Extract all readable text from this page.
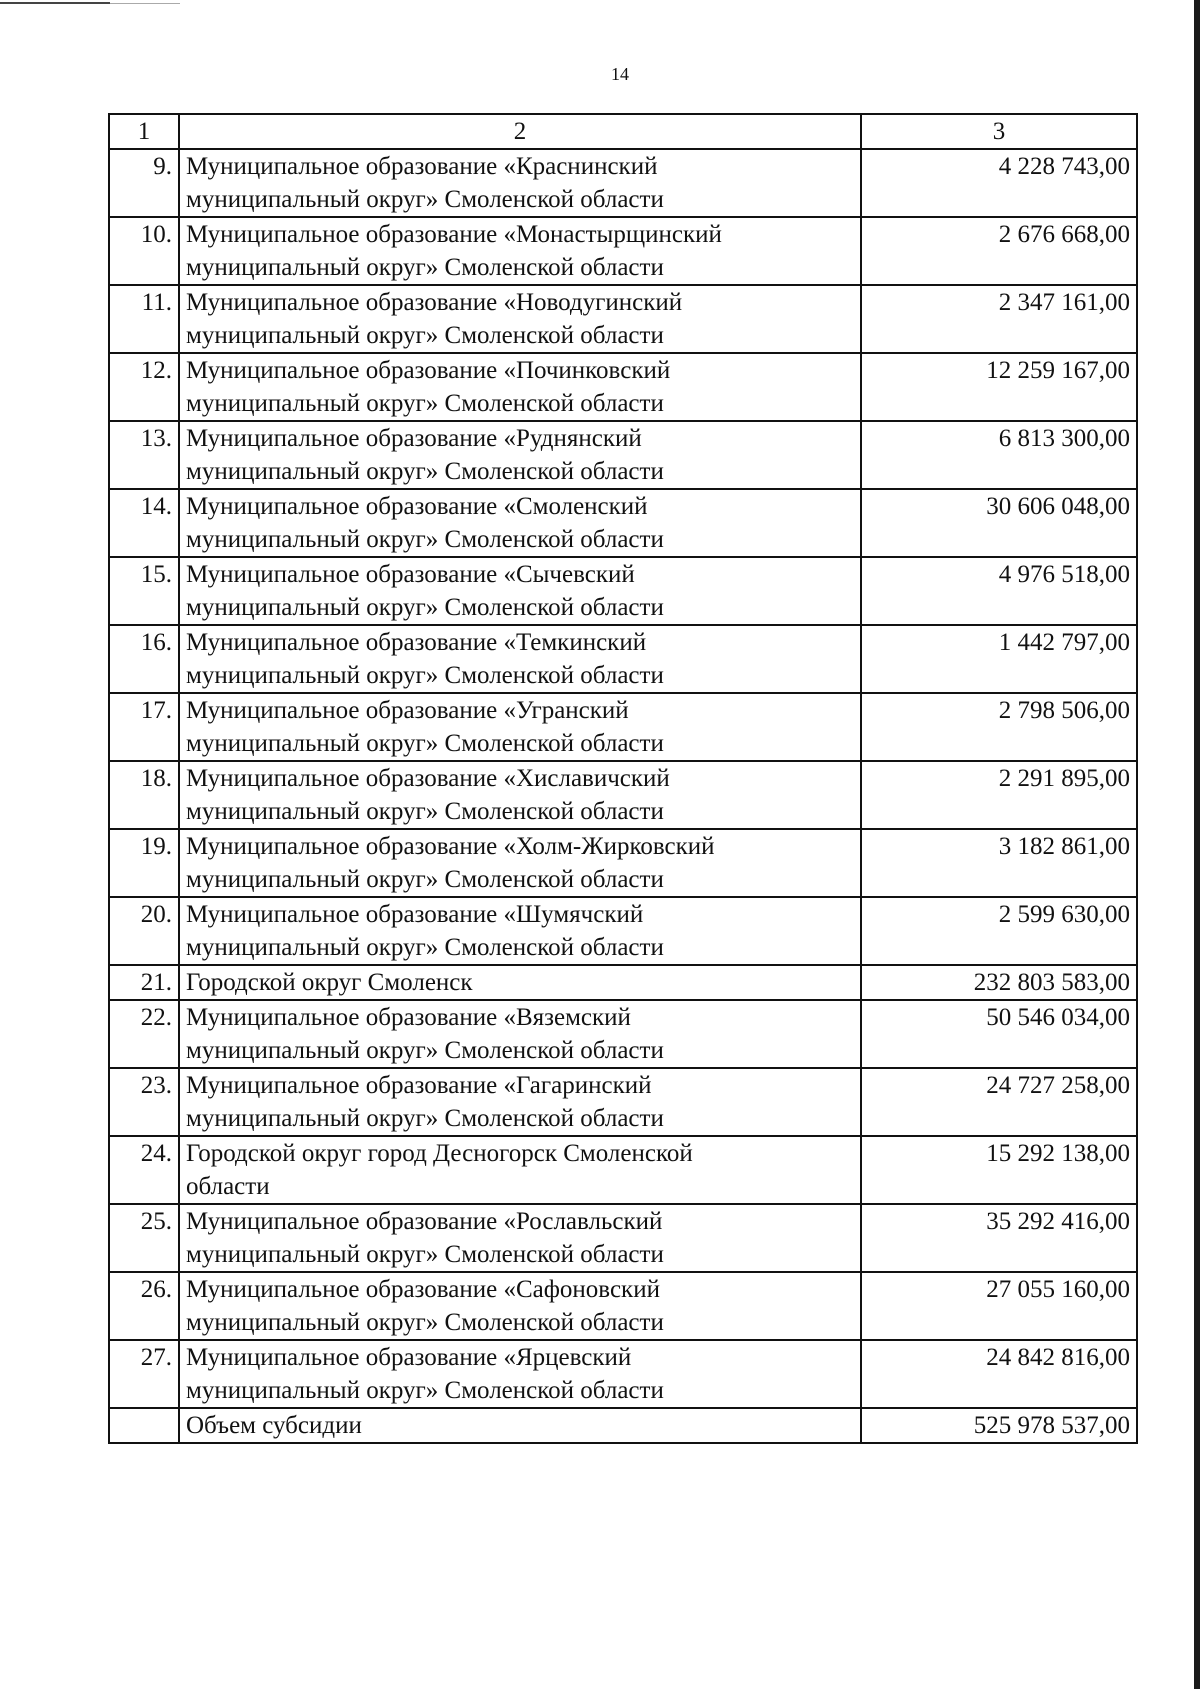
14
1	2	3
9.	Муниципальное образование «Краснинский
муниципальный округ» Смоленской области	4 228 743,00
10.	Муниципальное образование «Монастырщинский
муниципальный округ» Смоленской области	2 676 668,00
11.	Муниципальное образование «Новодугинский
муниципальный округ» Смоленской области	2 347 161,00
12.	Муниципальное образование «Починковский
муниципальный округ» Смоленской области	12 259 167,00
13.	Муниципальное образование «Руднянский
муниципальный округ» Смоленской области	6 813 300,00
14.	Муниципальное образование «Смоленский
муниципальный округ» Смоленской области	30 606 048,00
15.	Муниципальное образование «Сычевский
муниципальный округ» Смоленской области	4 976 518,00
16.	Муниципальное образование «Темкинский
муниципальный округ» Смоленской области	1 442 797,00
17.	Муниципальное образование «Угранский
муниципальный округ» Смоленской области	2 798 506,00
18.	Муниципальное образование «Хиславичский
муниципальный округ» Смоленской области	2 291 895,00
19.	Муниципальное образование «Холм-Жирковский
муниципальный округ» Смоленской области	3 182 861,00
20.	Муниципальное образование «Шумячский
муниципальный округ» Смоленской области	2 599 630,00
21.	Городской округ Смоленск	232 803 583,00
22.	Муниципальное образование «Вяземский
муниципальный округ» Смоленской области	50 546 034,00
23.	Муниципальное образование «Гагаринский
муниципальный округ» Смоленской области	24 727 258,00
24.	Городской округ город Десногорск Смоленской
области	15 292 138,00
25.	Муниципальное образование «Рославльский
муниципальный округ» Смоленской области	35 292 416,00
26.	Муниципальное образование «Сафоновский
муниципальный округ» Смоленской области	27 055 160,00
27.	Муниципальное образование «Ярцевский
муниципальный округ» Смоленской области	24 842 816,00
	Объем субсидии	525 978 537,00
